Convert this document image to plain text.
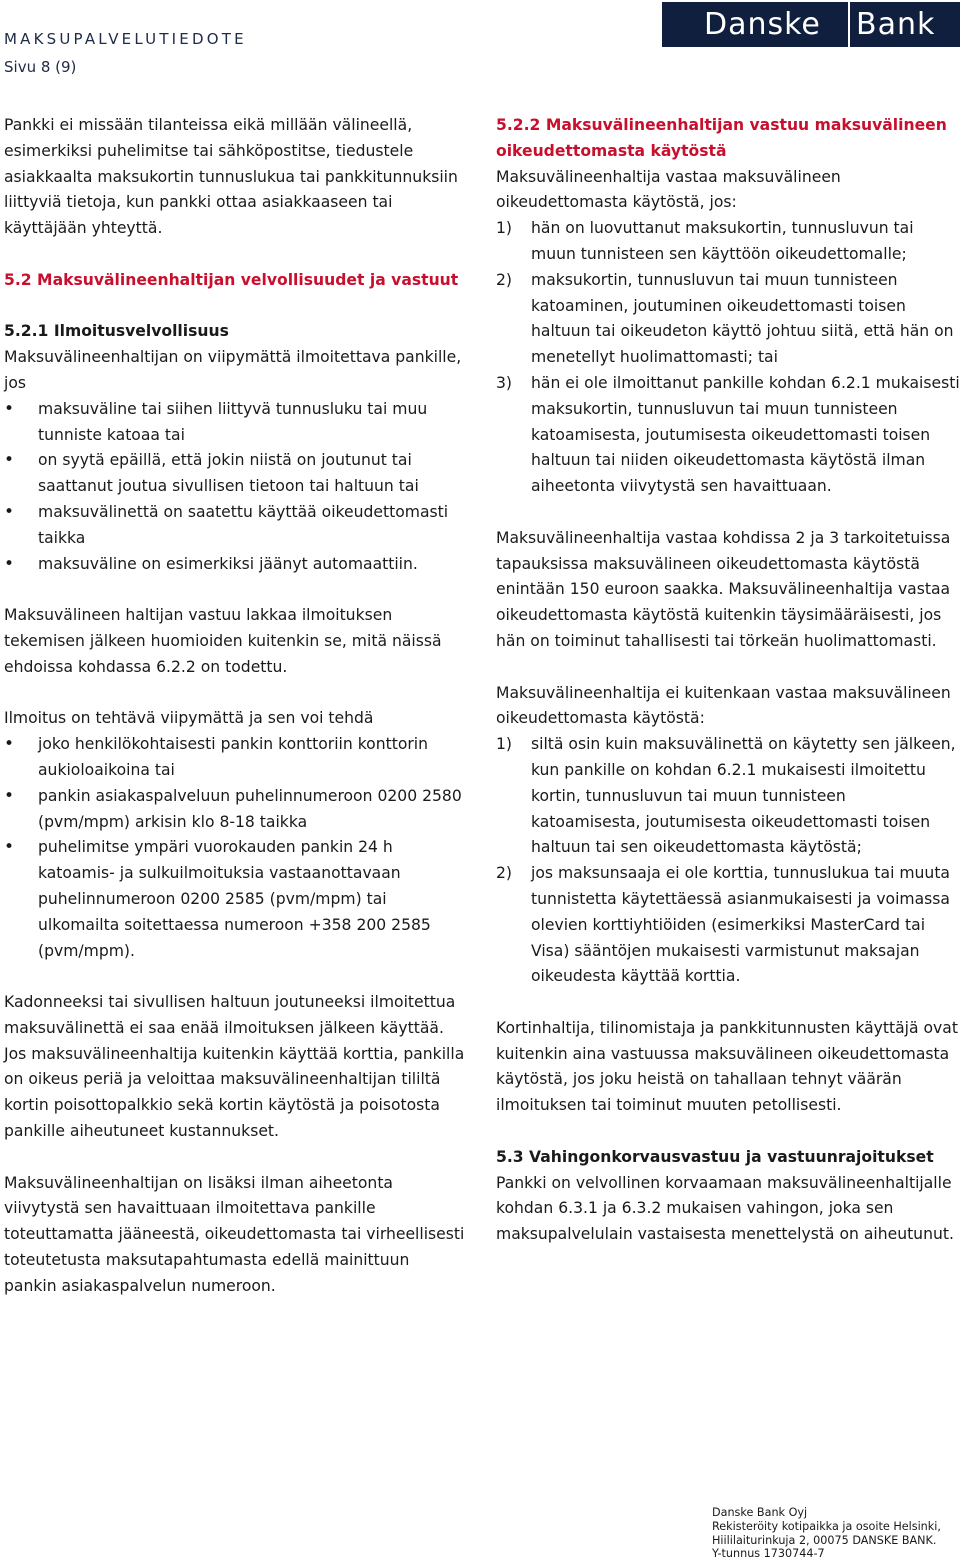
MAKSUPALVELUTIEDOTE
Sivu 8 (9)
Danske	Bank

Pankki ei missään tilanteissa eikä millään välineellä, esimerkiksi puhelimitse tai sähköpostitse, tiedustele asiakkaalta maksukortin tunnuslukua tai pankkitunnuksiin liittyviä tietoja, kun pankki ottaa asiakkaaseen tai käyttäjään yhteyttä.

5.2 Maksuvälineenhaltijan velvollisuudet ja vastuut

5.2.1 Ilmoitusvelvollisuus

Maksuvälineenhaltijan on viipymättä ilmoitettava pankille, jos

• maksuväline tai siihen liittyvä tunnusluku tai muu tunniste katoaa tai
• on syytä epäillä, että jokin niistä on joutunut tai saattanut joutua sivullisen tietoon tai haltuun tai
• maksuvälinettä on saatettu käyttää oikeudettomasti taikka
• maksuväline on esimerkiksi jäänyt automaattiin.

Maksuvälineen haltijan vastuu lakkaa ilmoituksen tekemisen jälkeen huomioiden kuitenkin se, mitä näissä ehdoissa kohdassa 6.2.2 on todettu.

Ilmoitus on tehtävä viipymättä ja sen voi tehdä

• joko henkilökohtaisesti pankin konttoriin konttorin aukioloaikoina tai
• pankin asiakaspalveluun puhelinnumeroon 0200 2580 (pvm/mpm) arkisin klo 8-18 taikka
• puhelimitse ympäri vuorokauden pankin 24 h katoamis- ja sulkuilmoituksia vastaanottavaan puhelinnumeroon 0200 2585 (pvm/mpm) tai ulkomailta soitettaessa numeroon +358 200 2585 (pvm/mpm).

Kadonneeksi tai sivullisen haltuun joutuneeksi ilmoitettua maksuvälinettä ei saa enää ilmoituksen jälkeen käyttää. Jos maksuvälineenhaltija kuitenkin käyttää korttia, pankilla on oikeus periä ja veloittaa maksuvälineenhaltijan tililtä kortin poisottopalkkio sekä kortin käytöstä ja poisotosta pankille aiheutuneet kustannukset.

Maksuvälineenhaltijan on lisäksi ilman aiheetonta viivytystä sen havaittuaan ilmoitettava pankille toteuttamatta jääneestä, oikeudettomasta tai virheellisesti toteutetusta maksutapahtumasta edellä mainittuun pankin asiakaspalvelun numeroon.

5.2.2 Maksuvälineenhaltijan vastuu maksuvälineen oikeudettomasta käytöstä

Maksuvälineenhaltija vastaa maksuvälineen oikeudettomasta käytöstä, jos:

1) hän on luovuttanut maksukortin, tunnusluvun tai muun tunnisteen sen käyttöön oikeudettomalle;
2) maksukortin, tunnusluvun tai muun tunnisteen katoaminen, joutuminen oikeudettomasti toisen haltuun tai oikeudeton käyttö johtuu siitä, että hän on menetellyt huolimattomasti; tai
3) hän ei ole ilmoittanut pankille kohdan 6.2.1 mukaisesti maksukortin, tunnusluvun tai muun tunnisteen katoamisesta, joutumisesta oikeudettomasti toisen haltuun tai niiden oikeudettomasta käytöstä ilman aiheetonta viivytystä sen havaittuaan.

Maksuvälineenhaltija vastaa kohdissa 2 ja 3 tarkoitetuissa tapauksissa maksuvälineen oikeudettomasta käytöstä enintään 150 euroon saakka. Maksuvälineenhaltija vastaa oikeudettomasta käytöstä kuitenkin täysimääräisesti, jos hän on toiminut tahallisesti tai törkeän huolimattomasti.

Maksuvälineenhaltija ei kuitenkaan vastaa maksuvälineen oikeudettomasta käytöstä:

1) siltä osin kuin maksuvälinettä on käytetty sen jälkeen, kun pankille on kohdan 6.2.1 mukaisesti ilmoitettu kortin, tunnusluvun tai muun tunnisteen katoamisesta, joutumisesta oikeudettomasti toisen haltuun tai sen oikeudettomasta käytöstä;
2) jos maksunsaaja ei ole korttia, tunnuslukua tai muuta tunnistetta käytettäessä asianmukaisesti ja voimassa olevien korttiyhtiöiden (esimerkiksi MasterCard tai Visa) sääntöjen mukaisesti varmistunut maksajan oikeudesta käyttää korttia.

Kortinhaltija, tilinomistaja ja pankkitunnusten käyttäjä ovat kuitenkin aina vastuussa maksuvälineen oikeudettomasta käytöstä, jos joku heistä on tahallaan tehnyt väärän ilmoituksen tai toiminut muuten petollisesti.

5.3 Vahingonkorvausvastuu ja vastuunrajoitukset

Pankki on velvollinen korvaamaan maksuvälineenhaltijalle kohdan 6.3.1 ja 6.3.2 mukaisen vahingon, joka sen maksupalvelulain vastaisesta menettelystä on aiheutunut.

Danske Bank Oyj
Rekisteröity kotipaikka ja osoite Helsinki,
Hiililaiturinkuja 2, 00075 DANSKE BANK.
Y-tunnus 1730744-7
